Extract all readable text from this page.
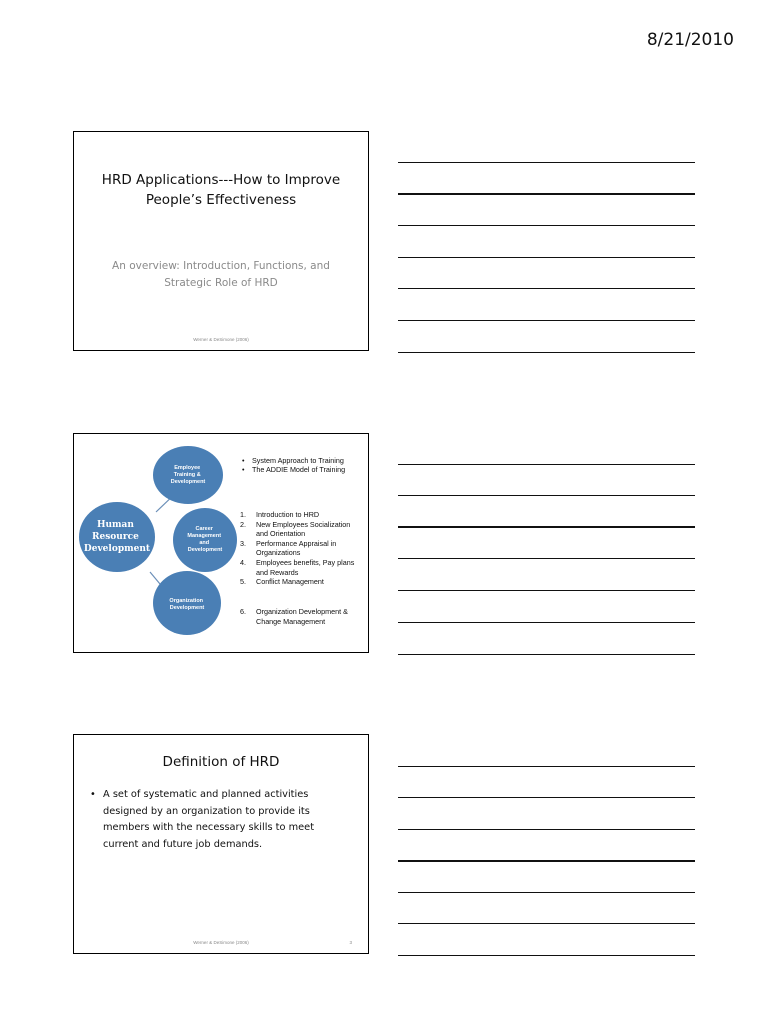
8/21/2010
HRD Applications---How to Improve People’s Effectiveness
An overview: Introduction, Functions, and Strategic Role of HRD
Werner & DeSimone (2006)
Human Resource Development
Employee Training & Development
Career Management and Development
Organization Development
• System Approach to Training
• The ADDIE Model of Training
1. Introduction to HRD
2. New Employees Socialization and Orientation
3. Performance Appraisal in Organizations
4. Employees benefits, Pay plans and Rewards
5. Conflict Management
6. Organization Development & Change Management
Definition of HRD
• A set of systematic and planned activities designed by an organization to provide its members with the necessary skills to meet current and future job demands.
Werner & DeSimone (2006)	3
